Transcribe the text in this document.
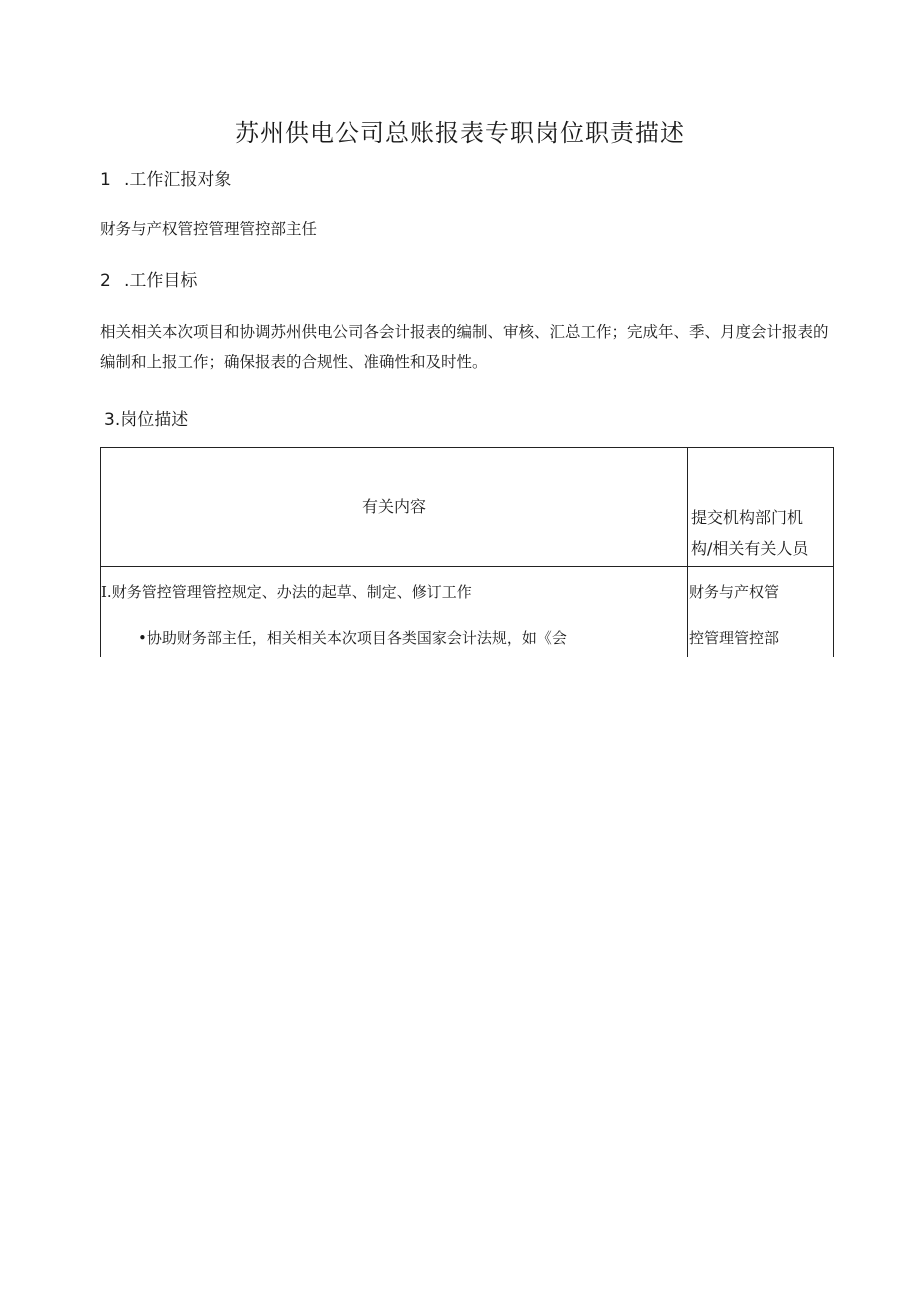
苏州供电公司总账报表专职岗位职责描述
1 .工作汇报对象
财务与产权管控管理管控部主任
2 .工作目标
相关相关本次项目和协调苏州供电公司各会计报表的编制、审核、汇总工作；完成年、季、月度会计报表的编制和上报工作；确保报表的合规性、准确性和及时性。
3.岗位描述
有关内容
提交机构部门机
构/相关有关人员
I.财务管控管理管控规定、办法的起草、制定、修订工作
•协助财务部主任，相关相关本次项目各类国家会计法规，如《会
财务与产权管
控管理管控部
